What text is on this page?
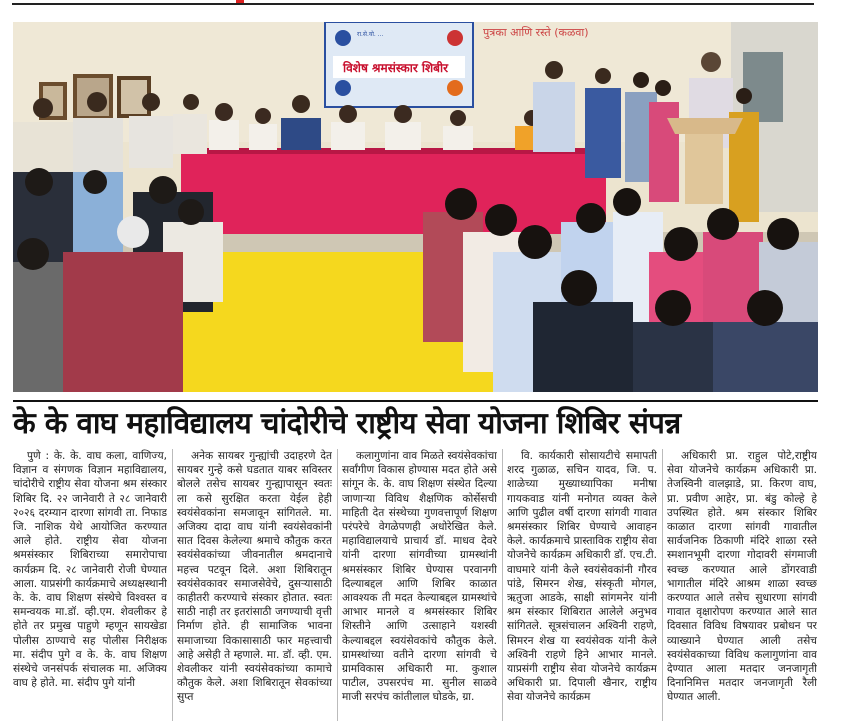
पुत्रका आणि रस्ते (कळवा)
रा.से.यो. ...
विशेष श्रमसंस्कार शिबीर
के के वाघ महाविद्यालय चांदोरीचे राष्ट्रीय सेवा योजना शिबिर संपन्न

पुणे : के. के. वाघ कला, वाणिज्य, विज्ञान व संगणक विज्ञान महाविद्यालय, चांदोरीचे राष्ट्रीय सेवा योजना श्रम संस्कार शिबिर दि. २२ जानेवारी ते २८ जानेवारी २०२६ दरम्यान दारणा सांगवी ता. निफाड जि. नाशिक येथे आयोजित करण्यात आले होते. राष्ट्रीय सेवा योजना श्रमसंस्कार शिबिराच्या समारोपाचा कार्यक्रम दि. २८ जानेवारी रोजी घेण्यात आला. याप्रसंगी कार्यक्रमाचे अध्यक्षस्थानी के. के. वाघ शिक्षण संस्थेचे विश्वस्त व समन्वयक मा.डॉ. व्ही.एम. शेवलीकर हे होते तर प्रमुख पाहुणे म्हणून सायखेडा पोलीस ठाण्याचे सह पोलीस निरीक्षक मा. संदीप पुगे व के. के. वाघ शिक्षण संस्थेचे जनसंपर्क संचालक मा. अजिक्य वाघ हे होते. मा. संदीप पुगे यांनी

अनेक सायबर गुन्ह्यांची उदाहरणे देत सायबर गुन्हे कसे घडतात याबर सविस्तर बोलले तसेच सायबर गुन्ह्यापासून स्वतः ला कसे सुरक्षित करता येईल हेही स्वयंसेवकांना समजावून सांगितले. मा. अजिक्य दादा वाघ यांनी स्वयंसेवकांनी सात दिवस केलेल्या श्रमाचे कौतुक करत स्वयंसेवकांच्या जीवनातील श्रमदानाचे महत्त्व पटवून दिले. अशा शिबिरातून स्वयंसेवकावर समाजसेवेचे, दुसऱ्यासाठी काहीतरी करण्याचे संस्कार होतात. स्वतः साठी नाही तर इतरांसाठी जगण्याची वृत्ती निर्माण होते. ही सामाजिक भावना समाजाच्या विकासासाठी फार महत्त्वाची आहे असेही ते म्हणाले. मा. डॉ. व्ही. एम. शेवलीकर यांनी स्वयंसेवकांच्या कामाचे कौतुक केले. अशा शिबिरातून सेवकांच्या सुप्त

कलागुणांना वाव मिळते स्वयंसेवकांचा सर्वांगीण विकास होण्यास मदत होते असे सांगून के. के. वाघ शिक्षण संस्थेत दिल्या जाणाऱ्या विविध शैक्षणिक कोर्सेसची माहिती देत संस्थेच्या गुणवत्तापूर्ण शिक्षण परंपरेचे वेगळेपणही अधोरेखित केले. महाविद्यालयाचे प्राचार्य डॉ. माधव देवरे यांनी दारणा सांगवीच्या ग्रामस्थांनी श्रमसंस्कार शिबिर घेण्यास परवानगी दिल्याबद्दल आणि शिबिर काळात आवश्यक ती मदत केल्याबद्दल ग्रामस्थांचे आभार मानले व श्रमसंस्कार शिबिर शिस्तीने आणि उत्साहाने यशस्वी केल्याबद्दल स्वयंसेवकांचे कौतुक केले. ग्रामस्थांच्या वतीने दारणा सांगवी चे ग्रामविकास अधिकारी मा. कुशाल पाटील, उपसरपंच मा. सुनील साळवे माजी सरपंच कांतीलाल घोडके, ग्रा.

वि. कार्यकारी सोसायटीचे समापती शरद गुळाळ, सचिन यादव, जि. प. शाळेच्या मुख्याध्यापिका मनीषा गायकवाड यांनी मनोगत व्यक्त केले आणि पुढील वर्षी दारणा सांगवी गावात श्रमसंस्कार शिबिर घेण्याचे आवाहन केले. कार्यक्रमाचे प्रास्ताविक राष्ट्रीय सेवा योजनेचे कार्यक्रम अधिकारी डॉ. एच.टी. वाघमारे यांनी केले स्वयंसेवकांनी गौरव पांडे, सिमरन शेख, संस्कृती मोगल, ऋतुजा आडके, साक्षी सांगमनेर यांनी श्रम संस्कार शिबिरात आलेले अनुभव सांगितले. सूत्रसंचालन अश्विनी राहणे, सिमरन शेख या स्वयंसेवक यांनी केले अश्विनी राहणे हिने आभार मानले. याप्रसंगी राष्ट्रीय सेवा योजनेचे कार्यक्रम अधिकारी प्रा. दिपाली खैनार, राष्ट्रीय सेवा योजनेचे कार्यक्रम

अधिकारी प्रा. राहुल पोटे,राष्ट्रीय सेवा योजनेचे कार्यक्रम अधिकारी प्रा. तेजस्विनी वालझाडे, प्रा. किरण वाघ, प्रा. प्रवीण आहेर, प्रा. बंडु कोल्हे हे उपस्थित होते. श्रम संस्कार शिबिर काळात दारणा सांगवी गावातील सार्वजनिक ठिकाणी मंदिरे शाळा रस्ते स्मशानभूमी दारणा गोदावरी संगमाजी स्वच्छ करण्यात आले डोंगरवाडी भागातील मंदिरे आश्रम शाळा स्वच्छ करण्यात आले तसेच सुधारणा सांगवी गावात वृक्षारोपण करण्यात आले सात दिवसात विविध विषयावर प्रबोधन पर व्याख्याने घेण्यात आली तसेच स्वयंसेवकाच्या विविध कलागुणांना वाव देण्यात आला मतदार जनजागृती दिनानिमित्त मतदार जनजागृती रैली घेण्यात आली.
